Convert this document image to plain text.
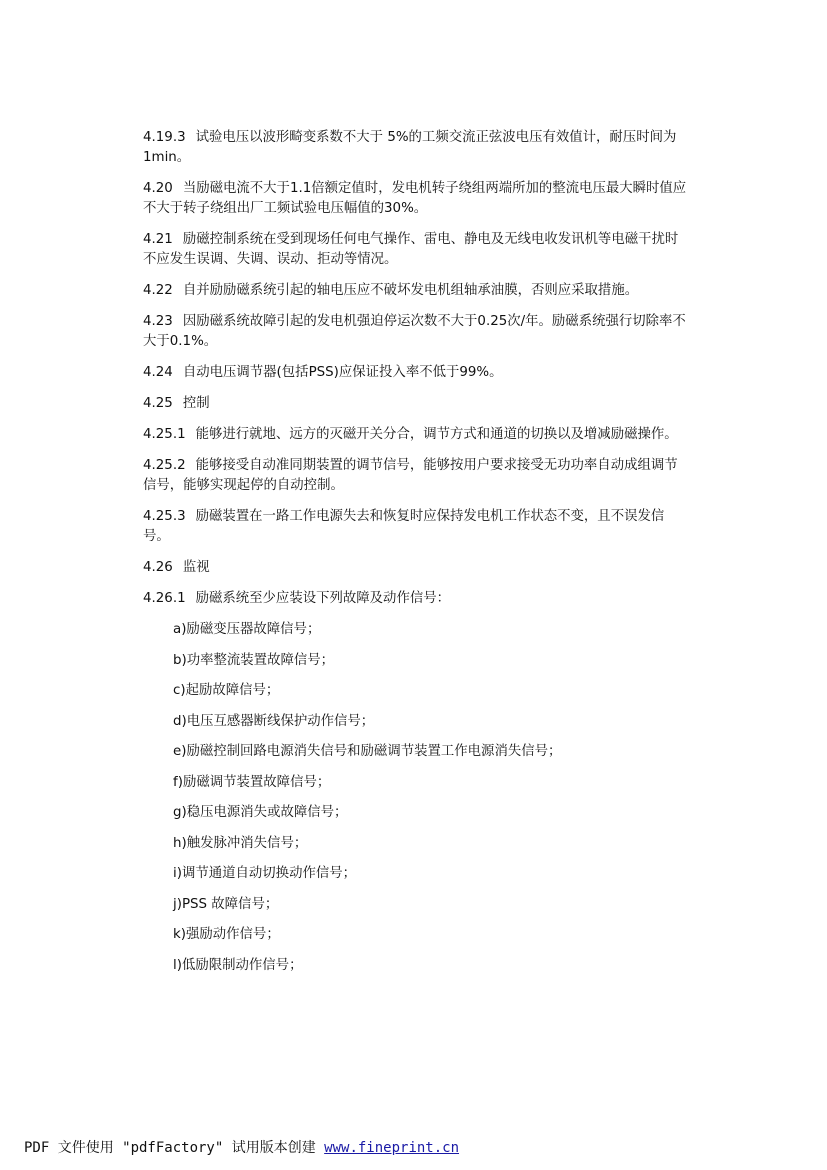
4.19.3 试验电压以波形畸变系数不大于 5%的工频交流正弦波电压有效值计，耐压时间为 1min。

4.20 当励磁电流不大于1.1倍额定值时，发电机转子绕组两端所加的整流电压最大瞬时值应不大于转子绕组出厂工频试验电压幅值的30%。

4.21 励磁控制系统在受到现场任何电气操作、雷电、静电及无线电收发讯机等电磁干扰时不应发生误调、失调、误动、拒动等情况。

4.22 自并励励磁系统引起的轴电压应不破坏发电机组轴承油膜，否则应采取措施。

4.23 因励磁系统故障引起的发电机强迫停运次数不大于0.25次/年。励磁系统强行切除率不大于0.1%。

4.24 自动电压调节器(包括PSS)应保证投入率不低于99%。

4.25 控制

4.25.1 能够进行就地、远方的灭磁开关分合，调节方式和通道的切换以及增减励磁操作。

4.25.2 能够接受自动准同期装置的调节信号，能够按用户要求接受无功功率自动成组调节信号，能够实现起停的自动控制。

4.25.3 励磁装置在一路工作电源失去和恢复时应保持发电机工作状态不变，且不误发信号。

4.26 监视

4.26.1 励磁系统至少应装设下列故障及动作信号：

a)励磁变压器故障信号；
b)功率整流装置故障信号；
c)起励故障信号；
d)电压互感器断线保护动作信号；
e)励磁控制回路电源消失信号和励磁调节装置工作电源消失信号；
f)励磁调节装置故障信号；
g)稳压电源消失或故障信号；
h)触发脉冲消失信号；
i)调节通道自动切换动作信号；
j)PSS 故障信号；
k)强励动作信号；
l)低励限制动作信号；
PDF 文件使用 "pdfFactory" 试用版本创建 www.fineprint.cn
